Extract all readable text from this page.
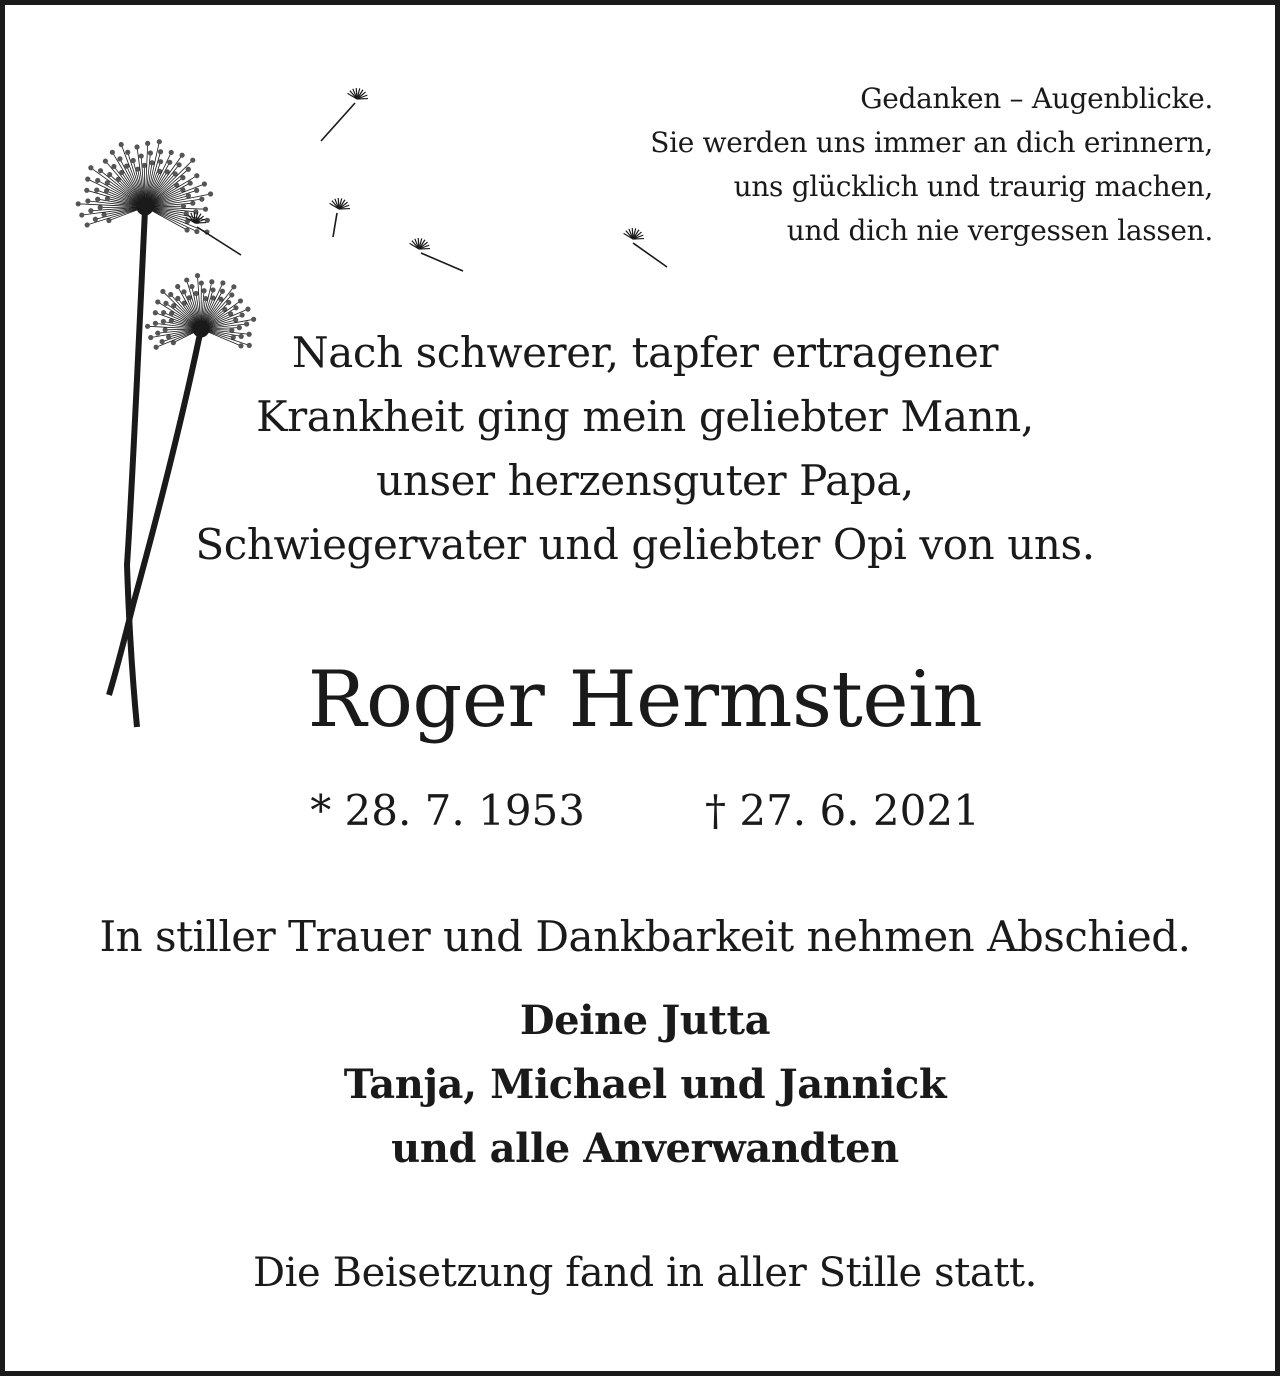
Gedanken – Augenblicke.
Sie werden uns immer an dich erinnern,
uns glücklich und traurig machen,
und dich nie vergessen lassen.
Nach schwerer, tapfer ertragener
Krankheit ging mein geliebter Mann,
unser herzensguter Papa,
Schwiegervater und geliebter Opi von uns.
Roger Hermstein
* 28. 7. 1953	† 27. 6. 2021
In stiller Trauer und Dankbarkeit nehmen Abschied.
Deine Jutta
Tanja, Michael und Jannick
und alle Anverwandten
Die Beisetzung fand in aller Stille statt.
